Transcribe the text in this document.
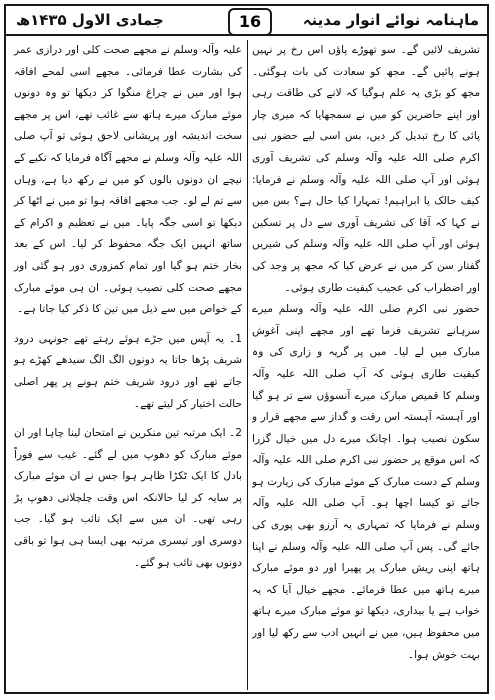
جمادی الاول ۱۴۳۵ھ	ماہنامہ نوائے انوار مدینہ
16

تشریف لائیں گے۔ سو تھوڑے پاؤں اس رخ پر نہیں ہونے پائیں گے۔ مجھ کو سعادت کی بات ہوگئی۔ مجھ کو بڑی یہ علم ہوگیا کہ لانے کی طاقت رہی اور اپنے حاضرین کو میں نے سمجھایا کہ میری چار پائی کا رخ تبدیل کر دیں، بس اسی لیے حضور نبی اکرم صلی اللہ علیہ وآلہ وسلم کی تشریف آوری ہوئی اور آپ صلی اللہ علیہ وآلہ وسلم نے فرمایا: کیف حالک یا ابراہیم! تمہارا کیا حال ہے؟ بس میں نے کہا کہ آقا کی تشریف آوری سے دل پر تسکین ہوئی اور آپ صلی اللہ علیہ وآلہ وسلم کی شیریں گفتار سن کر میں نے عرض کیا کہ مجھ پر وجد کی اور اضطراب کی عجیب کیفیت طاری ہوئی۔

حضور نبی اکرم صلی اللہ علیہ وآلہ وسلم میرے سرہانے تشریف فرما تھے اور مجھے اپنی آغوش مبارک میں لے لیا۔ میں پر گریہ و زاری کی وہ کیفیت طاری ہوئی کہ آپ صلی اللہ علیہ وآلہ وسلم کا قمیص مبارک میرے آنسوؤں سے تر ہو گیا اور آہستہ آہستہ اس رقت و گداز سے مجھے قرار و سکون نصیب ہوا۔ اچانک میرے دل میں خیال گزرا کہ اس موقع پر حضور نبی اکرم صلی اللہ علیہ وآلہ وسلم کے دست مبارک کے موئے مبارک کی زیارت ہو جائے تو کیسا اچھا ہو۔ آپ صلی اللہ علیہ وآلہ وسلم نے فرمایا کہ تمہاری یہ آرزو بھی پوری کی جائے گی۔ پس آپ صلی اللہ علیہ وآلہ وسلم نے اپنا ہاتھ اپنی ریش مبارک پر پھیرا اور دو موئے مبارک میرے ہاتھ میں عطا فرمائے۔ مجھے خیال آیا کہ یہ خواب ہے یا بیداری، دیکھا تو موئے مبارک میرے ہاتھ میں محفوظ ہیں، میں نے انہیں ادب سے رکھ لیا اور بہت خوش ہوا۔

علیہ وآلہ وسلم نے مجھے صحت کلی اور درازی عمر کی بشارت عطا فرمائی۔ مجھے اسی لمحے افاقہ ہوا اور میں نے چراغ منگوا کر دیکھا تو وہ دونوں موئے مبارک میرے ہاتھ سے غائب تھے، اس پر مجھے سخت اندیشہ اور پریشانی لاحق ہوئی تو آپ صلی اللہ علیہ وآلہ وسلم نے مجھے آگاہ فرمایا کہ تکیے کے نیچے ان دونوں بالوں کو میں نے رکھ دیا ہے، وہاں سے تم لے لو۔ جب مجھے افاقہ ہوا تو میں نے اٹھا کر دیکھا تو اسی جگہ پایا۔ میں نے تعظیم و اکرام کے ساتھ انہیں ایک جگہ محفوظ کر لیا۔ اس کے بعد بخار ختم ہو گیا اور تمام کمزوری دور ہو گئی اور مجھے صحت کلی نصیب ہوئی۔ ان ہی موئے مبارک کے خواص میں سے ذیل میں تین کا ذکر کیا جاتا ہے۔

1۔ یہ آپس میں جڑے ہوئے رہتے تھے جونہی درود شریف پڑھا جاتا یہ دونوں الگ الگ سیدھے کھڑے ہو جاتے تھے اور درود شریف ختم ہونے پر پھر اصلی حالت اختیار کر لیتے تھے۔

2۔ ایک مرتبہ تین منکرین نے امتحان لینا چاہا اور ان موئے مبارک کو دھوپ میں لے گئے۔ غیب سے فوراً بادل کا ایک ٹکڑا ظاہر ہوا جس نے ان موئے مبارک پر سایہ کر لیا حالانکہ اس وقت چلچلاتی دھوپ پڑ رہی تھی۔ ان میں سے ایک تائب ہو گیا۔ جب دوسری اور تیسری مرتبہ بھی ایسا ہی ہوا تو باقی دونوں بھی تائب ہو گئے۔
